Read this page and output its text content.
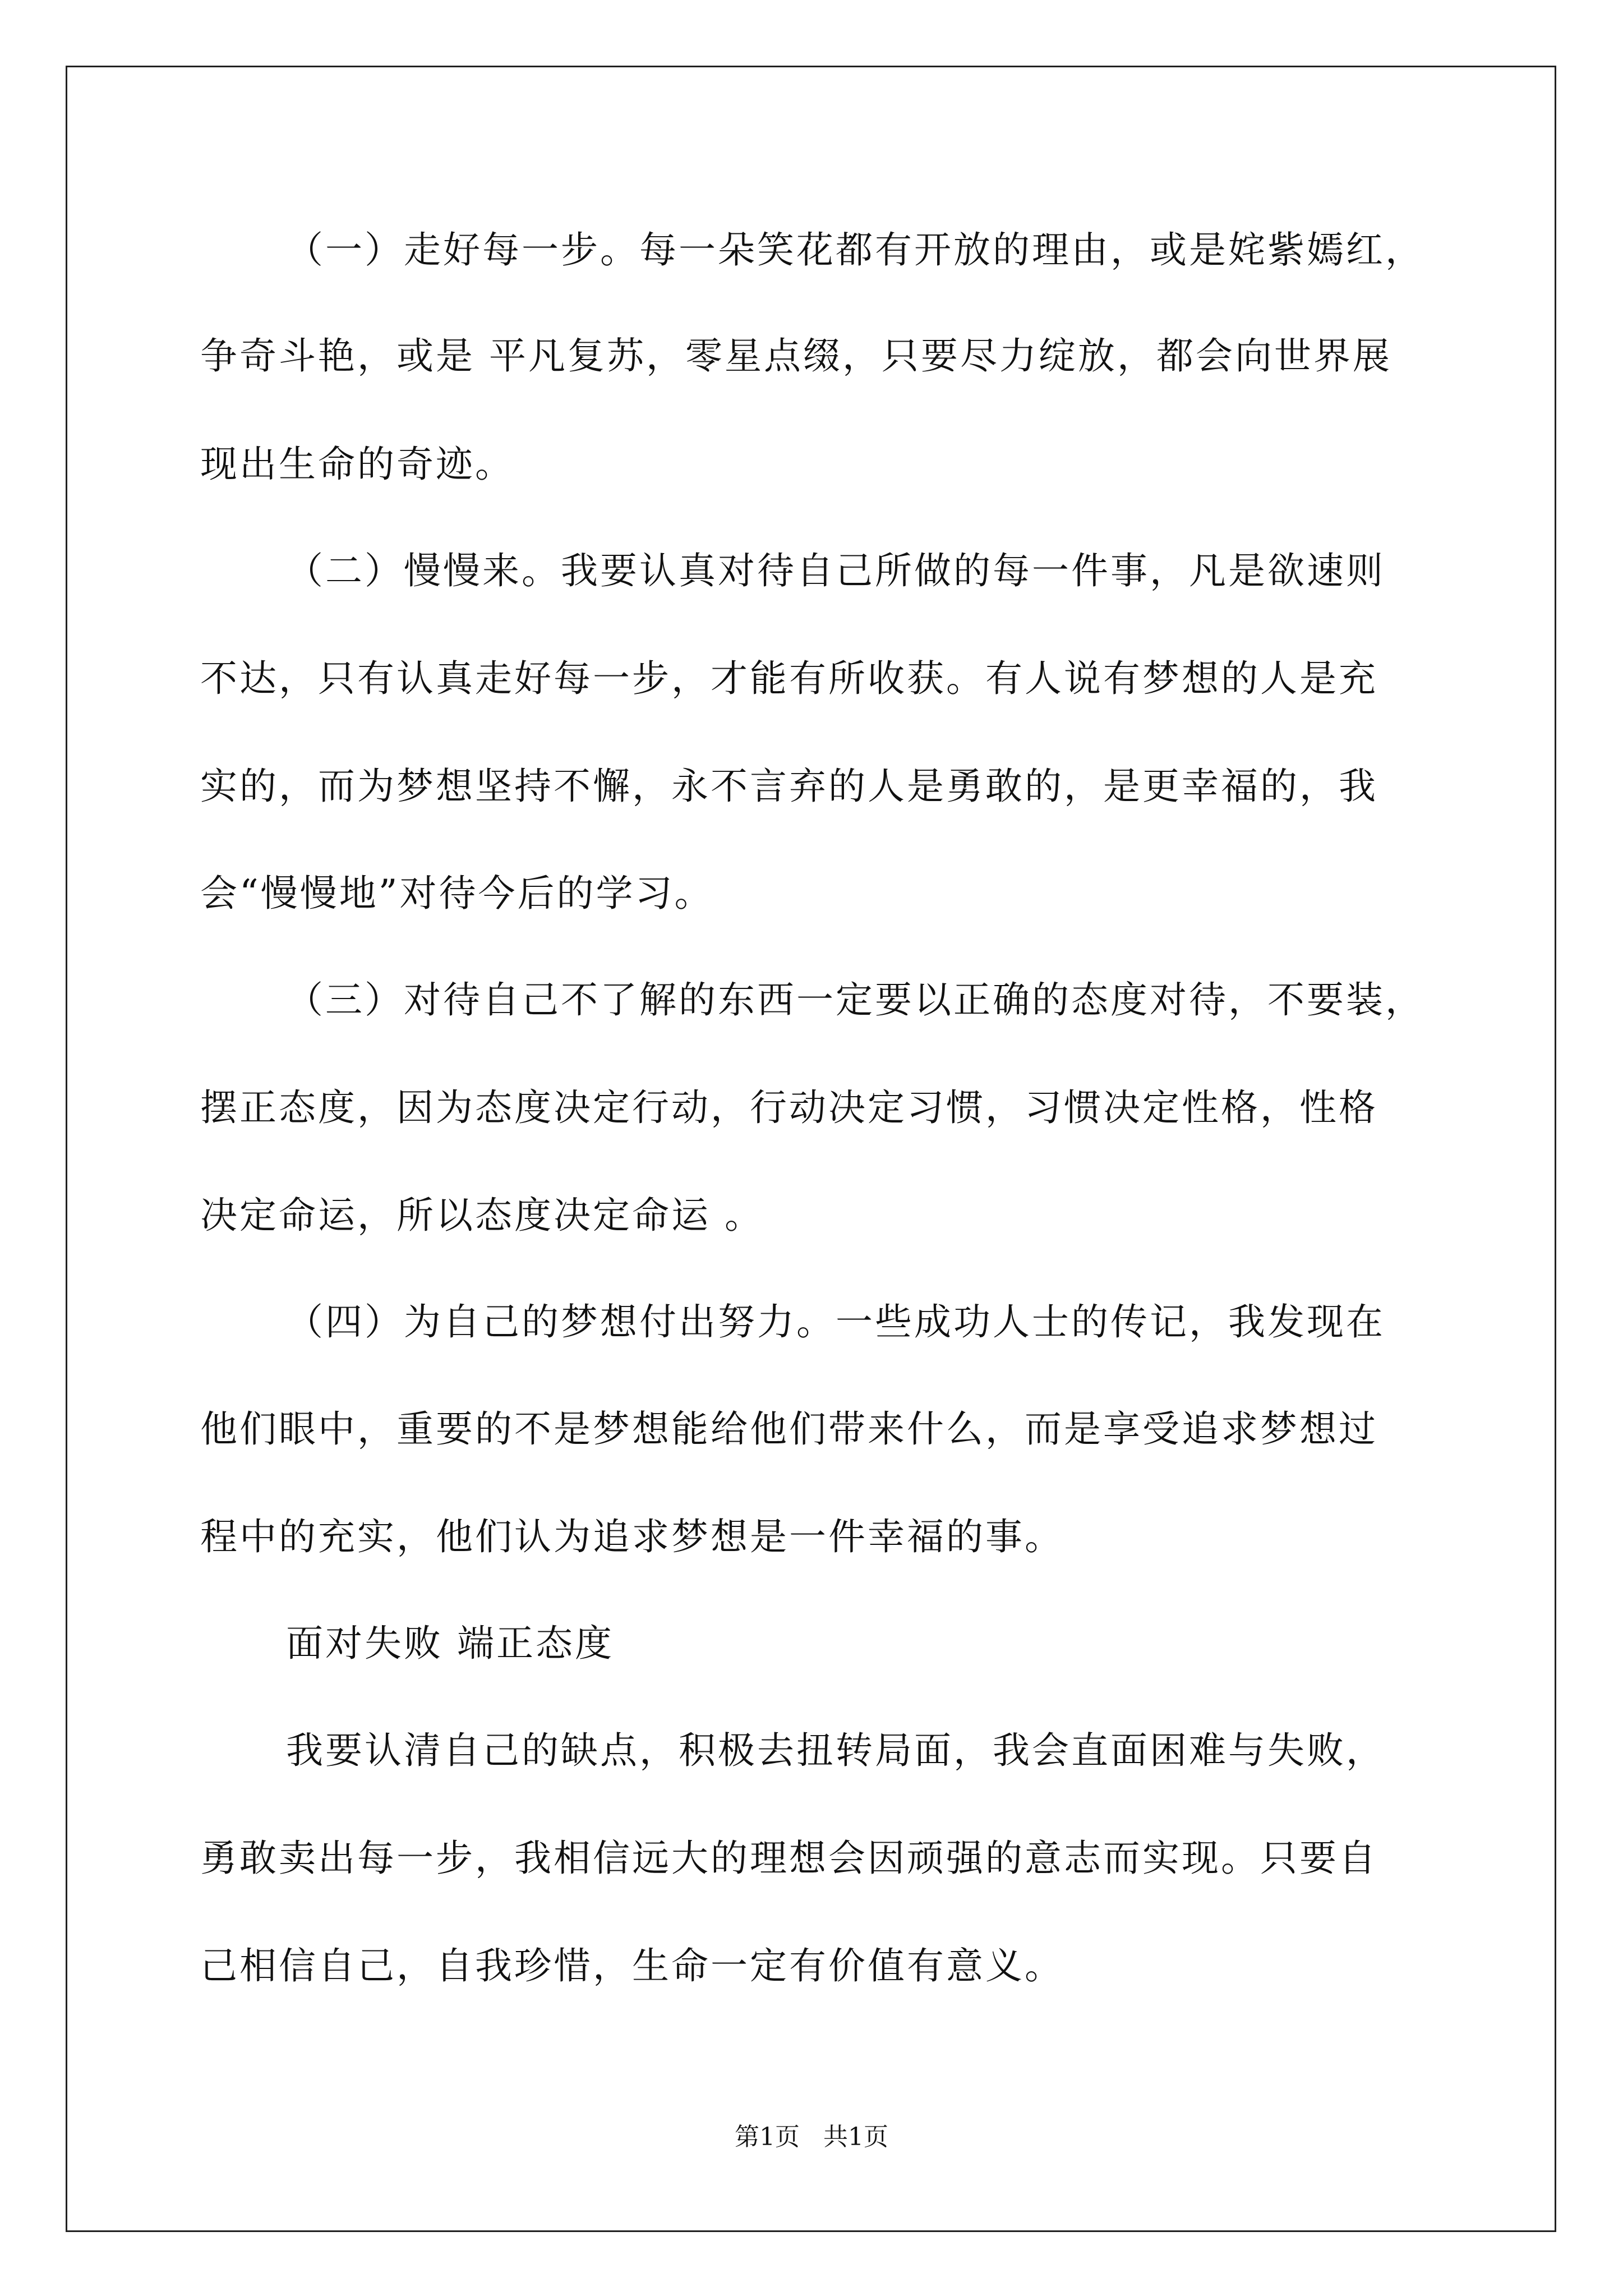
（一）走好每一步。每一朵笑花都有开放的理由，或是姹紫嫣红，
争奇斗艳，或是 平凡复苏，零星点缀，只要尽力绽放，都会向世界展
现出生命的奇迹。
（二）慢慢来。我要认真对待自己所做的每一件事，凡是欲速则
不达，只有认真走好每一步，才能有所收获。有人说有梦想的人是充
实的，而为梦想坚持不懈，永不言弃的人是勇敢的，是更幸福的，我
会“慢慢地”对待今后的学习。
（三）对待自己不了解的东西一定要以正确的态度对待，不要装，
摆正态度，因为态度决定行动，行动决定习惯，习惯决定性格，性格
决定命运，所以态度决定命运 。
（四）为自己的梦想付出努力。一些成功人士的传记，我发现在
他们眼中，重要的不是梦想能给他们带来什么，而是享受追求梦想过
程中的充实，他们认为追求梦想是一件幸福的事。
面对失败 端正态度
我要认清自己的缺点，积极去扭转局面，我会直面困难与失败，
勇敢卖出每一步，我相信远大的理想会因顽强的意志而实现。只要自
己相信自己，自我珍惜，生命一定有价值有意义。
第1页   共1页
